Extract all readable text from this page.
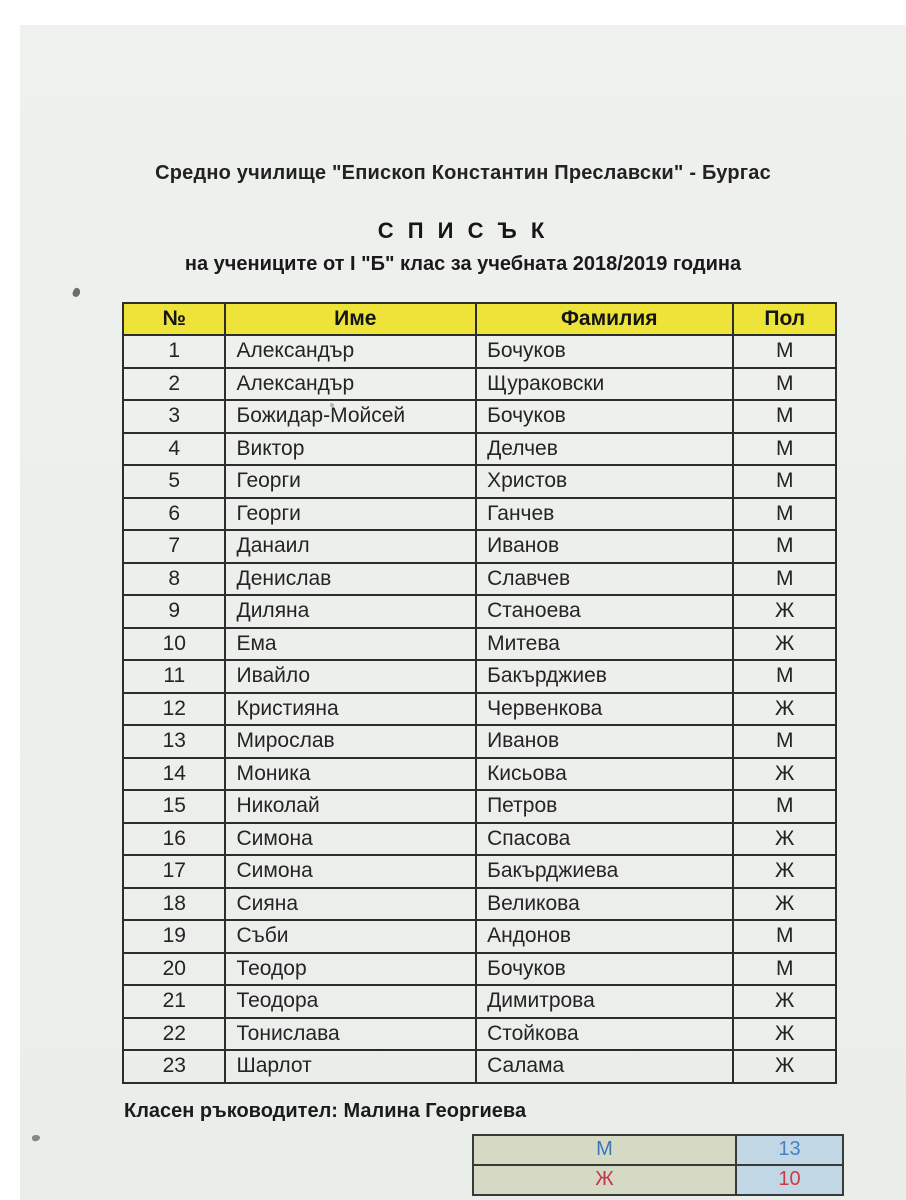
Средно училище "Епископ Константин Преславски" - Бургас
С П И С Ъ К
на учениците от I "Б" клас за учебната 2018/2019 година
№	Име	Фамилия	Пол
1	Александър	Бочуков	М
2	Александър	Щураковски	М
3	Божидар-Мойсей	Бочуков	М
4	Виктор	Делчев	М
5	Георги	Христов	М
6	Георги	Ганчев	М
7	Данаил	Иванов	М
8	Денислав	Славчев	М
9	Диляна	Станоева	Ж
10	Ема	Митева	Ж
11	Ивайло	Бакърджиев	М
12	Кристияна	Червенкова	Ж
13	Мирослав	Иванов	М
14	Моника	Кисьова	Ж
15	Николай	Петров	М
16	Симона	Спасова	Ж
17	Симона	Бакърджиева	Ж
18	Сияна	Великова	Ж
19	Съби	Андонов	М
20	Теодор	Бочуков	М
21	Теодора	Димитрова	Ж
22	Тонислава	Стойкова	Ж
23	Шарлот	Салама	Ж
Класен ръководител: Малина Георгиева
М	13
Ж	10
